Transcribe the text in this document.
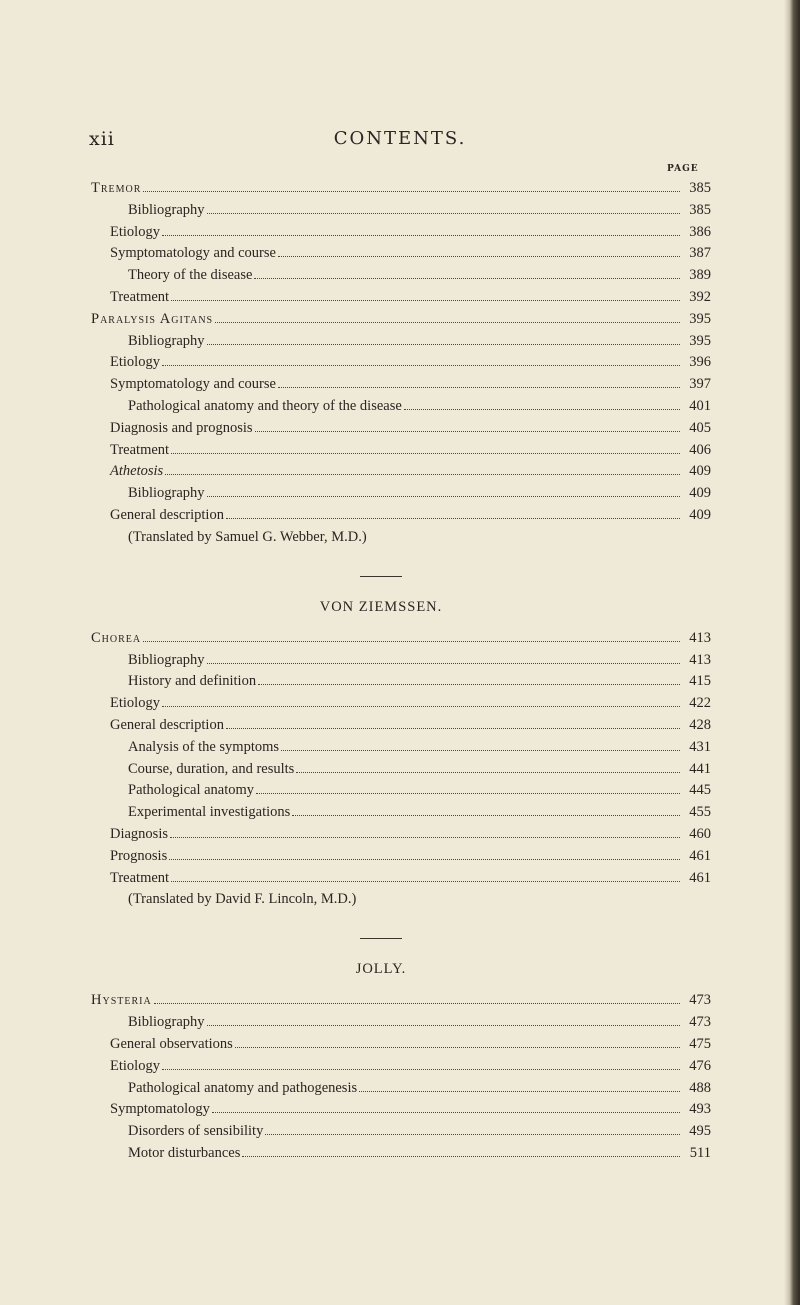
xii	CONTENTS.
PAGE
Tremor	385
Bibliography	385
Etiology	386
Symptomatology and course	387
Theory of the disease	389
Treatment	392
Paralysis Agitans	395
Bibliography	395
Etiology	396
Symptomatology and course	397
Pathological anatomy and theory of the disease	401
Diagnosis and prognosis	405
Treatment	406
Athetosis	409
Bibliography	409
General description	409
(Translated by Samuel G. Webber, M.D.)
VON ZIEMSSEN.
Chorea	413
Bibliography	413
History and definition	415
Etiology	422
General description	428
Analysis of the symptoms	431
Course, duration, and results	441
Pathological anatomy	445
Experimental investigations	455
Diagnosis	460
Prognosis	461
Treatment	461
(Translated by David F. Lincoln, M.D.)
JOLLY.
Hysteria	473
Bibliography	473
General observations	475
Etiology	476
Pathological anatomy and pathogenesis	488
Symptomatology	493
Disorders of sensibility	495
Motor disturbances	511
